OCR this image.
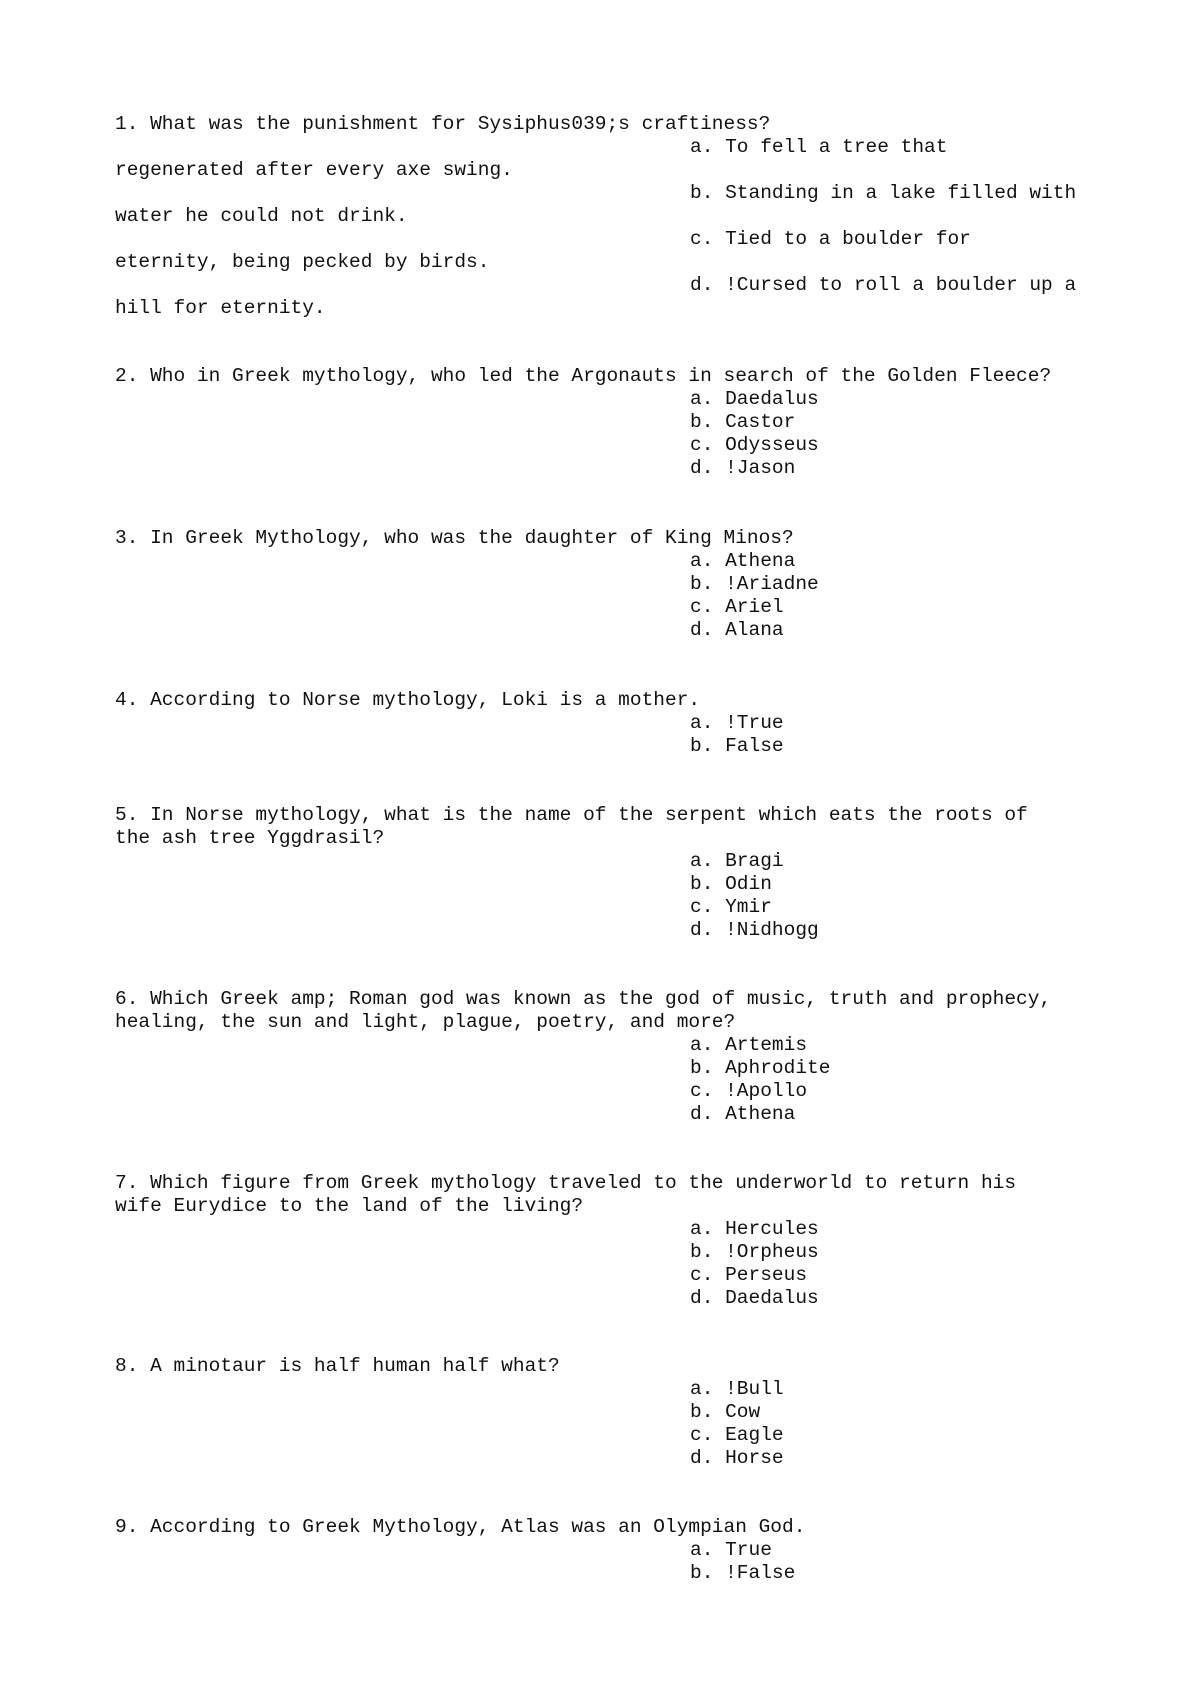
1. What was the punishment for Sysiphus039;s craftiness?
a. To fell a tree that
regenerated after every axe swing.
b. Standing in a lake filled with
water he could not drink.
c. Tied to a boulder for
eternity, being pecked by birds.
d. !Cursed to roll a boulder up a
hill for eternity.
2. Who in Greek mythology, who led the Argonauts in search of the Golden Fleece?
a. Daedalus
b. Castor
c. Odysseus
d. !Jason
3. In Greek Mythology, who was the daughter of King Minos?
a. Athena
b. !Ariadne
c. Ariel
d. Alana
4. According to Norse mythology, Loki is a mother.
a. !True
b. False
5. In Norse mythology, what is the name of the serpent which eats the roots of
the ash tree Yggdrasil?
a. Bragi
b. Odin
c. Ymir
d. !Nidhogg
6. Which Greek amp; Roman god was known as the god of music, truth and prophecy,
healing, the sun and light, plague, poetry, and more?
a. Artemis
b. Aphrodite
c. !Apollo
d. Athena
7. Which figure from Greek mythology traveled to the underworld to return his
wife Eurydice to the land of the living?
a. Hercules
b. !Orpheus
c. Perseus
d. Daedalus
8. A minotaur is half human half what?
a. !Bull
b. Cow
c. Eagle
d. Horse
9. According to Greek Mythology, Atlas was an Olympian God.
a. True
b. !False
